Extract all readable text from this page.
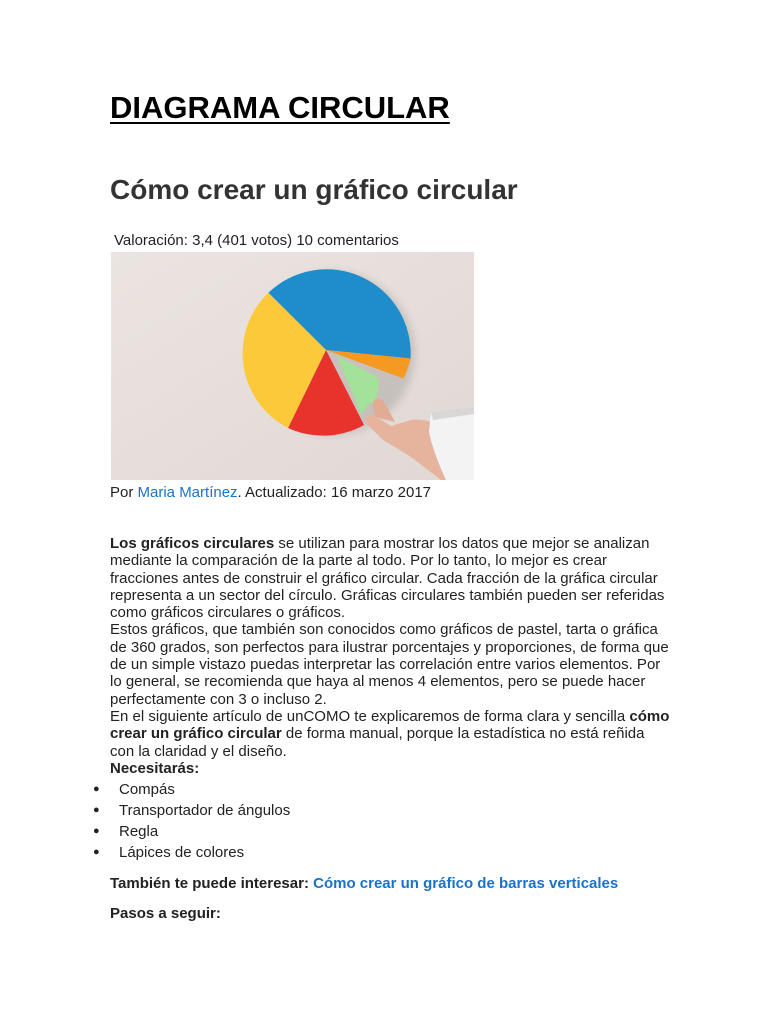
DIAGRAMA CIRCULAR
Cómo crear un gráfico circular
Valoración: 3,4 (401 votos) 10 comentarios
Por Maria Martínez. Actualizado: 16 marzo 2017

Los gráficos circulares se utilizan para mostrar los datos que mejor se analizan mediante la comparación de la parte al todo. Por lo tanto, lo mejor es crear fracciones antes de construir el gráfico circular. Cada fracción de la gráfica circular representa a un sector del círculo. Gráficas circulares también pueden ser referidas como gráficos circulares o gráficos.

Estos gráficos, que también son conocidos como gráficos de pastel, tarta o gráfica de 360 grados, son perfectos para ilustrar porcentajes y proporciones, de forma que de un simple vistazo puedas interpretar las correlación entre varios elementos. Por lo general, se recomienda que haya al menos 4 elementos, pero se puede hacer perfectamente con 3 o incluso 2.

En el siguiente artículo de unCOMO te explicaremos de forma clara y sencilla cómo crear un gráfico circular de forma manual, porque la estadística no está reñida con la claridad y el diseño.

Necesitarás:

● Compás
● Transportador de ángulos
● Regla
● Lápices de colores
También te puede interesar: Cómo crear un gráfico de barras verticales
Pasos a seguir:
